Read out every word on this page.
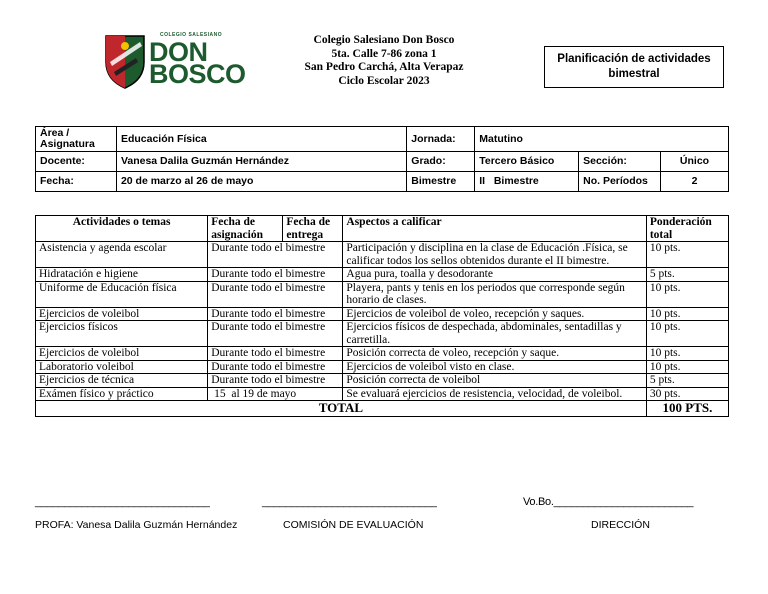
COLEGIO SALESIANO
DON
BOSCO
Colegio Salesiano Don Bosco
5ta. Calle 7-86 zona 1
San Pedro Carchá, Alta Verapaz
Ciclo Escolar 2023
Planificación de actividades bimestral
Área / Asignatura	Educación Física	Jornada:	Matutino		
Docente:	Vanesa Dalila Guzmán Hernández	Grado:	Tercero Básico	Sección:	Único
Fecha:	20 de marzo al 26 de mayo	Bimestre	II   Bimestre	No. Períodos	2
Actividades o temas	Fecha de asignación	Fecha de entrega	Aspectos a calificar	Ponderación total
Asistencia y agenda escolar	Durante todo el bimestre		Participación y disciplina en la clase de Educación .Física, se calificar todos los sellos obtenidos durante el II bimestre.	10 pts.
Hidratación e higiene	Durante todo el bimestre		Agua pura, toalla y desodorante	5 pts.
Uniforme de Educación física	Durante todo el bimestre		Playera, pants y tenis en los periodos que corresponde según horario de clases.	10 pts.
Ejercicios de voleibol	Durante todo el bimestre		Ejercicios de voleibol de voleo, recepción y saques.	10 pts.
Ejercicios físicos	Durante todo el bimestre		Ejercicios físicos de despechada, abdominales, sentadillas y carretilla.	10 pts.
Ejercicios de voleibol	Durante todo el bimestre		Posición correcta de voleo, recepción y saque.	10 pts.
Laboratorio voleibol	Durante todo el bimestre		Ejercicios de voleibol visto en clase.	10 pts.
Ejercicios de técnica	Durante todo el bimestre		Posición correcta de voleibol	5 pts.
Exámen físico y práctico	15  al 19 de mayo		Se evaluará ejercicios de resistencia, velocidad, de voleibol.	30 pts.
TOTAL				100 PTS.
______________________________	______________________________	Vo.Bo.________________________
PROFA: Vanesa Dalila Guzmán Hernández	COMISIÓN DE EVALUACIÓN	DIRECCIÓN
